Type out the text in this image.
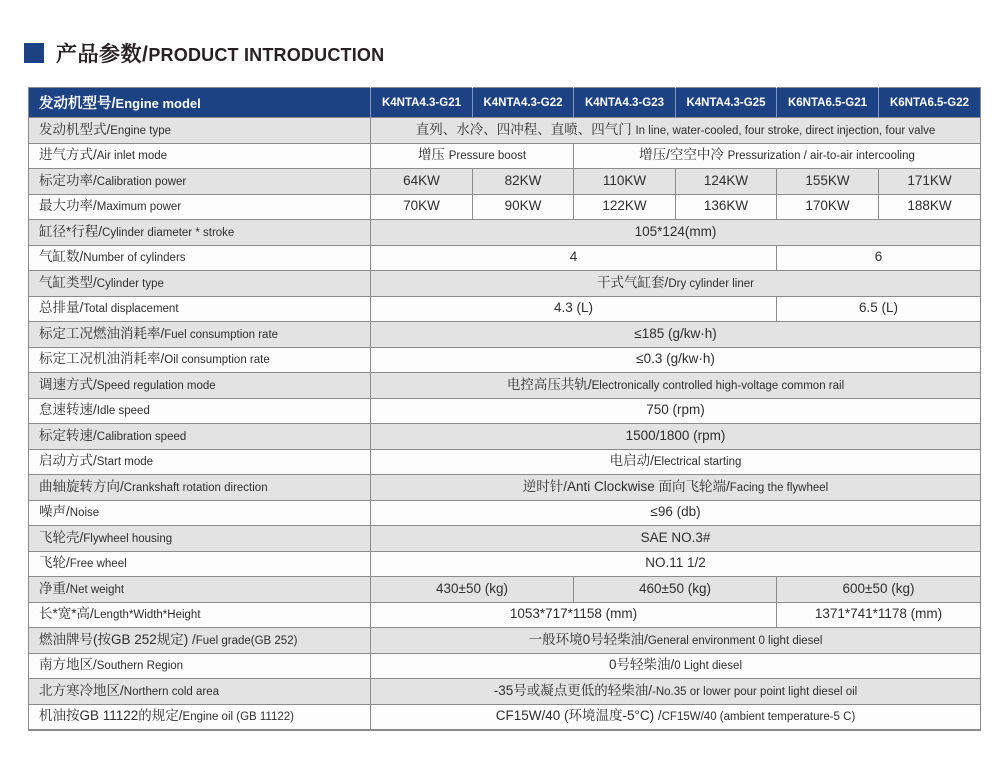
产品参数/PRODUCT INTRODUCTION
发动机型号/Engine model	K4NTA4.3-G21	K4NTA4.3-G22	K4NTA4.3-G23	K4NTA4.3-G25	K6NTA6.5-G21	K6NTA6.5-G22
发动机型式/Engine type	直列、水冷、四冲程、直喷、四气门 In line, water-cooled, four stroke, direct injection, four valve					
进气方式/Air inlet mode	增压 Pressure boost		增压/空空中冷 Pressurization / air-to-air intercooling			
标定功率/Calibration power	64KW	82KW	110KW	124KW	155KW	171KW
最大功率/Maximum power	70KW	90KW	122KW	136KW	170KW	188KW
缸径*行程/Cylinder diameter * stroke	105*124(mm)					
气缸数/Number of cylinders	4				6	
气缸类型/Cylinder type	干式气缸套/Dry cylinder liner					
总排量/Total displacement	4.3 (L)				6.5 (L)	
标定工况燃油消耗率/Fuel consumption rate	≤185 (g/kw·h)					
标定工况机油消耗率/Oil consumption rate	≤0.3 (g/kw·h)					
调速方式/Speed regulation mode	电控高压共轨/Electronically controlled high-voltage common rail					
怠速转速/Idle speed	750 (rpm)					
标定转速/Calibration speed	1500/1800 (rpm)					
启动方式/Start mode	电启动/Electrical starting					
曲轴旋转方向/Crankshaft rotation direction	逆时针/Anti Clockwise 面向飞轮端/Facing the flywheel					
噪声/Noise	≤96 (db)					
飞轮壳/Flywheel housing	SAE NO.3#					
飞轮/Free wheel	NO.11 1/2					
净重/Net weight	430±50 (kg)		460±50 (kg)		600±50 (kg)	
长*宽*高/Length*Width*Height	1053*717*1158 (mm)				1371*741*1178 (mm)	
燃油牌号(按GB 252规定) /Fuel grade(GB 252)	一般环境0号轻柴油/General environment 0 light diesel					
南方地区/Southern Region	0号轻柴油/0 Light diesel					
北方寒冷地区/Northern cold area	-35号或凝点更低的轻柴油/-No.35 or lower pour point light diesel oil					
机油按GB 11122的规定/Engine oil (GB 11122)	CF15W/40 (环境温度-5°C) /CF15W/40 (ambient temperature-5 C)					
